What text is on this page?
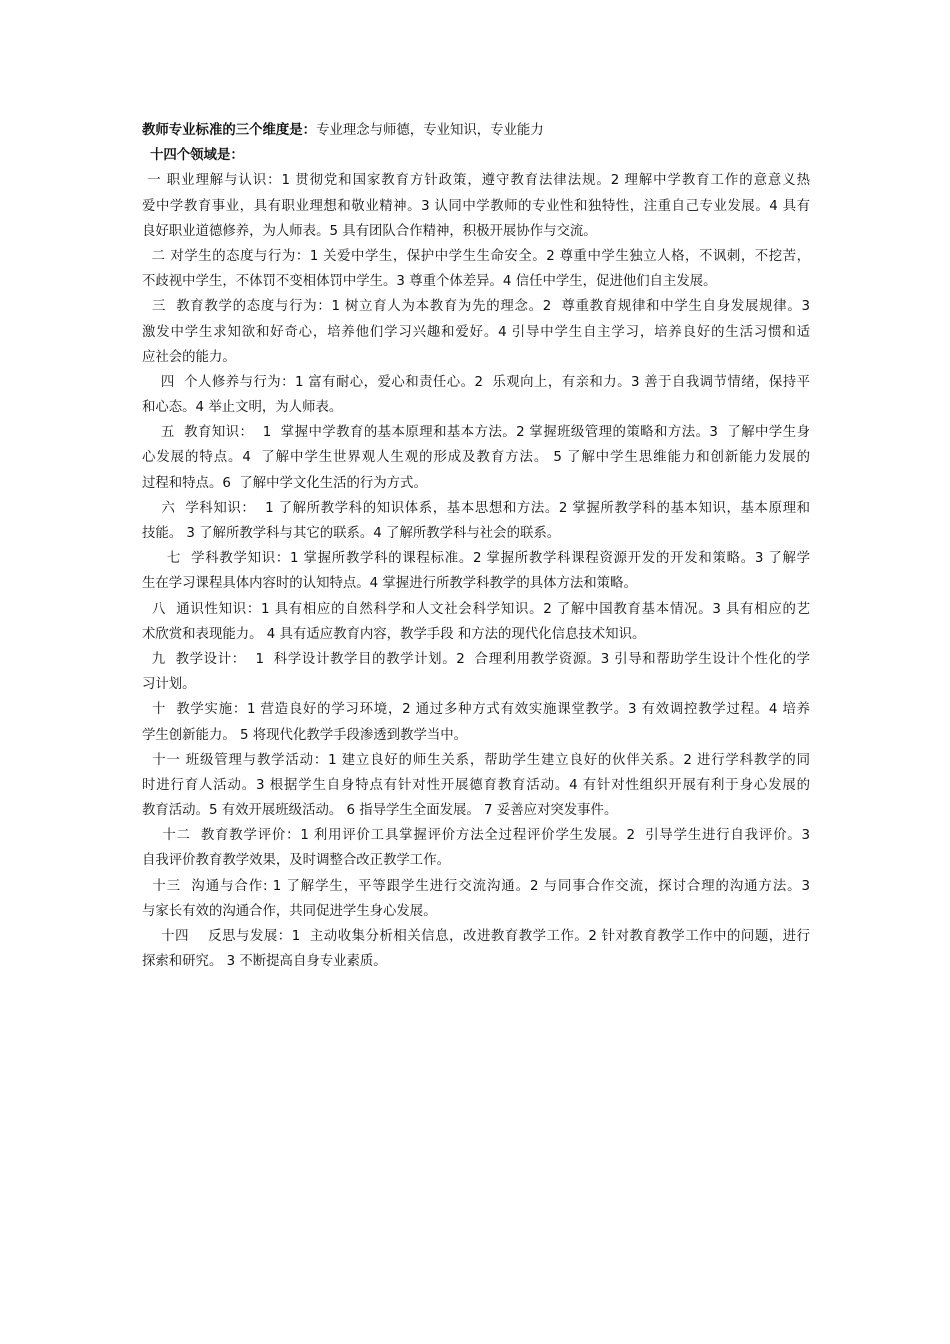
教师专业标准的三个维度是：专业理念与师德，专业知识，专业能力
十四个领域是：
一 职业理解与认识：1 贯彻党和国家教育方针政策，遵守教育法律法规。2 理解中学教育工作的意意义热
爱中学教育事业，具有职业理想和敬业精神。3 认同中学教师的专业性和独特性，注重自己专业发展。4 具有
良好职业道德修养，为人师表。5 具有团队合作精神，积极开展协作与交流。
二 对学生的态度与行为：1 关爱中学生，保护中学生生命安全。2 尊重中学生独立人格，不讽刺，不挖苦，
不歧视中学生，不体罚不变相体罚中学生。3 尊重个体差异。4 信任中学生，促进他们自主发展。
三  教育教学的态度与行为：1 树立育人为本教育为先的理念。2  尊重教育规律和中学生自身发展规律。3
激发中学生求知欲和好奇心，培养他们学习兴趣和爱好。4 引导中学生自主学习，培养良好的生活习惯和适
应社会的能力。
四  个人修养与行为：1 富有耐心，爱心和责任心。2  乐观向上，有亲和力。3 善于自我调节情绪，保持平
和心态。4 举止文明，为人师表。
五  教育知识：  1  掌握中学教育的基本原理和基本方法。2 掌握班级管理的策略和方法。3  了解中学生身
心发展的特点。4  了解中学生世界观人生观的形成及教育方法。 5 了解中学生思维能力和创新能力发展的
过程和特点。6  了解中学文化生活的行为方式。
六  学科知识：  1 了解所教学科的知识体系，基本思想和方法。2 掌握所教学科的基本知识，基本原理和
技能。 3 了解所教学科与其它的联系。4 了解所教学科与社会的联系。
七  学科教学知识：1 掌握所教学科的课程标准。2 掌握所教学科课程资源开发的开发和策略。3 了解学
生在学习课程具体内容时的认知特点。4 掌握进行所教学科教学的具体方法和策略。
八  通识性知识：1 具有相应的自然科学和人文社会科学知识。2 了解中国教育基本情况。3 具有相应的艺
术欣赏和表现能力。 4 具有适应教育内容，教学手段 和方法的现代化信息技术知识。
九  教学设计：  1  科学设计教学目的教学计划。2  合理利用教学资源。3 引导和帮助学生设计个性化的学
习计划。
十  教学实施：1 营造良好的学习环境，2 通过多种方式有效实施课堂教学。3 有效调控教学过程。4 培养
学生创新能力。 5 将现代化教学手段渗透到教学当中。
十一 班级管理与教学活动：1 建立良好的师生关系，帮助学生建立良好的伙伴关系。2 进行学科教学的同
时进行育人活动。3 根据学生自身特点有针对性开展德育教育活动。4 有针对性组织开展有利于身心发展的
教育活动。5 有效开展班级活动。 6 指导学生全面发展。 7 妥善应对突发事件。
十二  教育教学评价：1 利用评价工具掌握评价方法全过程评价学生发展。2  引导学生进行自我评价。3
自我评价教育教学效果，及时调整合改正教学工作。
十三  沟通与合作: 1 了解学生，平等跟学生进行交流沟通。2 与同事合作交流，探讨合理的沟通方法。3
与家长有效的沟通合作，共同促进学生身心发展。
十四    反思与发展：1  主动收集分析相关信息，改进教育教学工作。2 针对教育教学工作中的问题，进行
探索和研究。 3 不断提高自身专业素质。
